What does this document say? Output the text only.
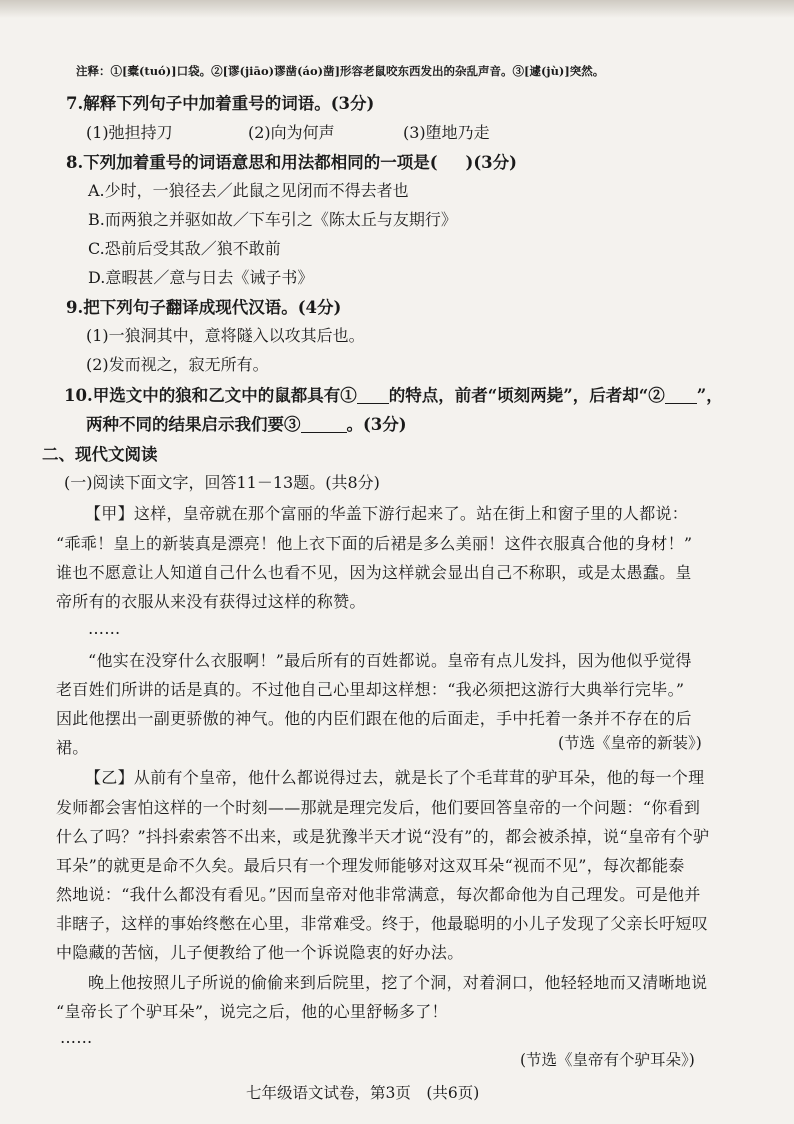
注释：①[橐(tuó)]口袋。②[谬(jiāo)谬凿(áo)凿]形容老鼠咬东西发出的杂乱声音。③[遽(jù)]突然。
7.解释下列句子中加着重号的词语。(3分)
(1)弛担持刀	(2)向为何声	(3)堕地乃走
8.下列加着重号的词语意思和用法都相同的一项是( )(3分)
A.少时，一狼径去／此鼠之见闭而不得去者也
B.而两狼之并驱如故／下车引之《陈太丘与友期行》
C.恐前后受其敌／狼不敢前
D.意暇甚／意与日去《诫子书》
9.把下列句子翻译成现代汉语。(4分)
(1)一狼洞其中，意将隧入以攻其后也。
(2)发而视之，寂无所有。
10.甲选文中的狼和乙文中的鼠都具有① 的特点，前者“顷刻两毙”，后者却“② ”，
两种不同的结果启示我们要③	。(3分)
二、现代文阅读
(一)阅读下面文字，回答11－13题。(共8分)
【甲】这样，皇帝就在那个富丽的华盖下游行起来了。站在街上和窗子里的人都说：
“乖乖！皇上的新装真是漂亮！他上衣下面的后裙是多么美丽！这件衣服真合他的身材！”
谁也不愿意让人知道自己什么也看不见，因为这样就会显出自己不称职，或是太愚蠢。皇
帝所有的衣服从来没有获得过这样的称赞。
……
“他实在没穿什么衣服啊！”最后所有的百姓都说。皇帝有点儿发抖，因为他似乎觉得
老百姓们所讲的话是真的。不过他自己心里却这样想：“我必须把这游行大典举行完毕。”
因此他摆出一副更骄傲的神气。他的内臣们跟在他的后面走，手中托着一条并不存在的后
裙。	(节选《皇帝的新装》)
【乙】从前有个皇帝，他什么都说得过去，就是长了个毛茸茸的驴耳朵，他的每一个理
发师都会害怕这样的一个时刻——那就是理完发后，他们要回答皇帝的一个问题：“你看到
什么了吗？”抖抖索索答不出来，或是犹豫半天才说“没有”的，都会被杀掉，说“皇帝有个驴
耳朵”的就更是命不久矣。最后只有一个理发师能够对这双耳朵“视而不见”，每次都能泰
然地说：“我什么都没有看见。”因而皇帝对他非常满意，每次都命他为自己理发。可是他并
非瞎子，这样的事始终憋在心里，非常难受。终于，他最聪明的小儿子发现了父亲长吁短叹
中隐藏的苦恼，儿子便教给了他一个诉说隐衷的好办法。
晚上他按照儿子所说的偷偷来到后院里，挖了个洞，对着洞口，他轻轻地而又清晰地说
“皇帝长了个驴耳朵”，说完之后，他的心里舒畅多了！
……
(节选《皇帝有个驴耳朵》)
七年级语文试卷，第3页　(共6页)
